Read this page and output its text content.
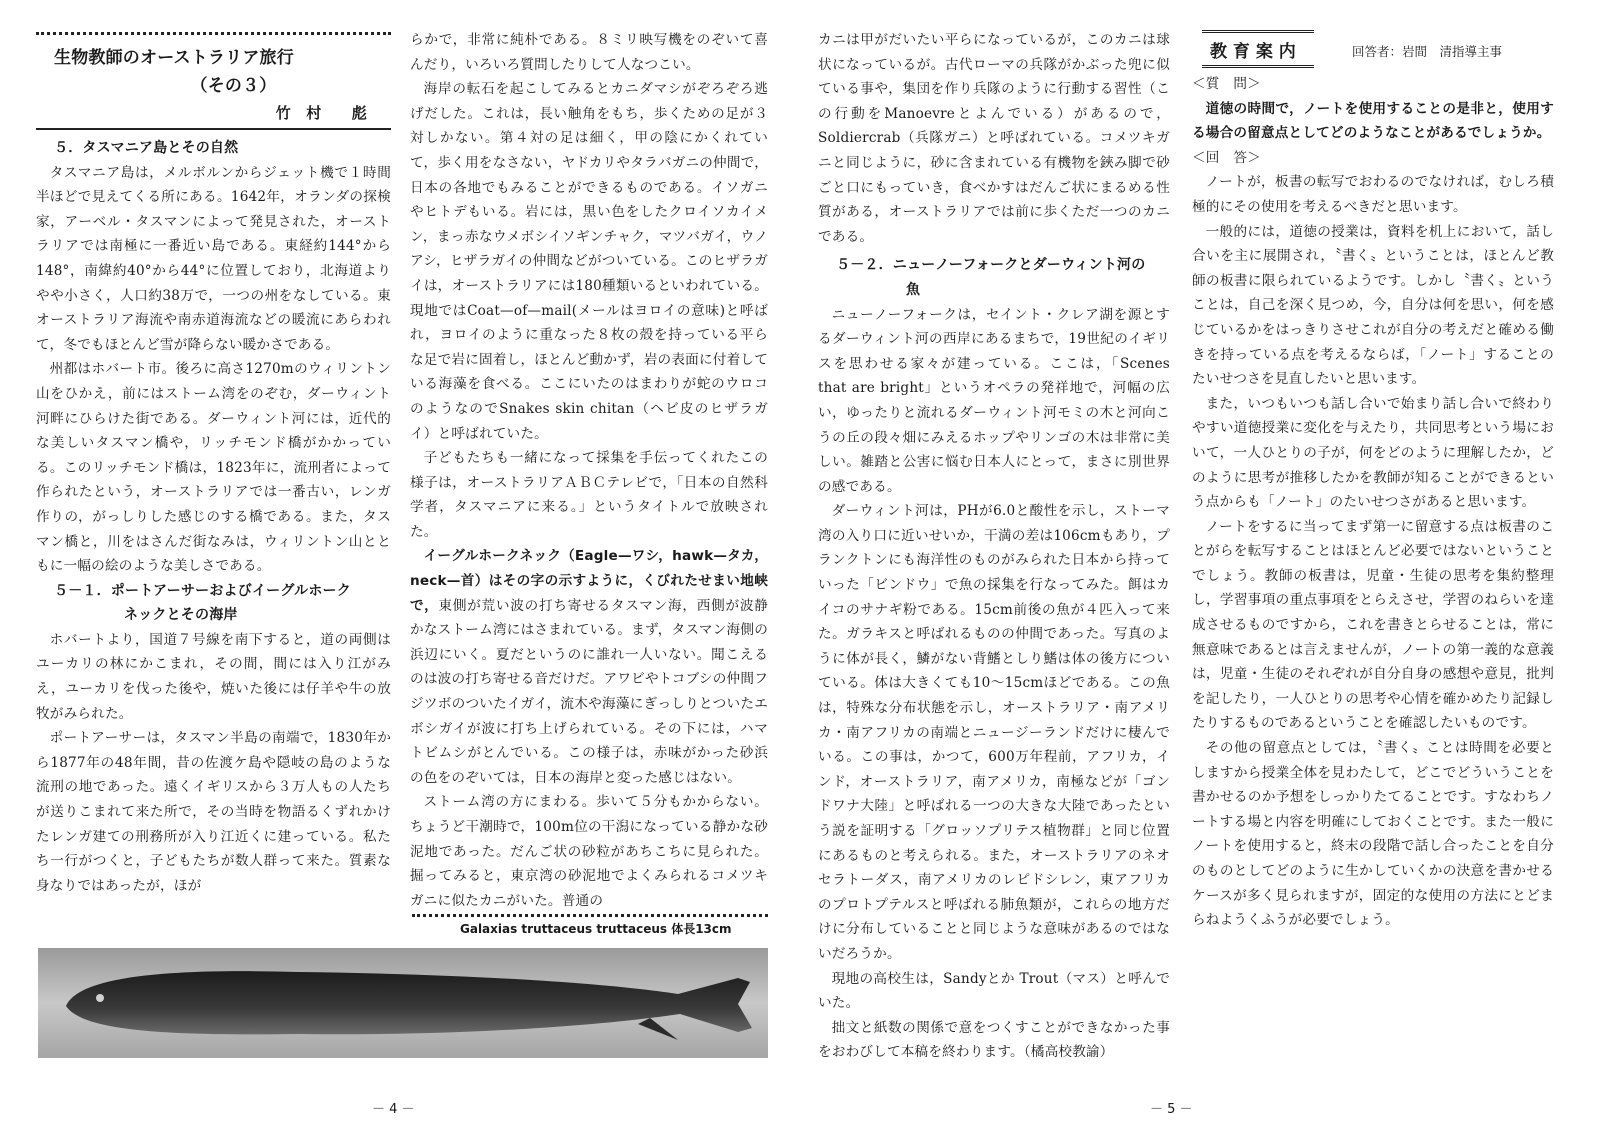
生物教師のオーストラリア旅行
（その３）
竹　村　　彪
５．タスマニア島とその自然

タスマニア島は，メルボルンからジェット機で１時間半ほどで見えてくる所にある。1642年，オランダの探検家，アーベル・タスマンによって発見された，オーストラリアでは南極に一番近い島である。東経約144°から148°，南緯約40°から44°に位置しており，北海道よりやや小さく，人口約38万で，一つの州をなしている。東オーストラリア海流や南赤道海流などの暖流にあらわれて，冬でもほとんど雪が降らない暖かさである。

州都はホバート市。後ろに高さ1270mのウィリントン山をひかえ，前にはストーム湾をのぞむ，ダーウィント河畔にひらけた街である。ダーウィント河には，近代的な美しいタスマン橋や，リッチモンド橋がかかっている。このリッチモンド橋は，1823年に，流刑者によって作られたという，オーストラリアでは一番古い，レンガ作りの，がっしりした感じのする橋である。また，タスマン橋と，川をはさんだ街なみは，ウィリントン山とともに一幅の絵のような美しさである。

５－１．ポートアーサーおよびイーグルホーク
ネックとその海岸

ホバートより，国道７号線を南下すると，道の両側はユーカリの林にかこまれ，その間，間には入り江がみえ，ユーカリを伐った後や，焼いた後には仔羊や牛の放牧がみられた。

ポートアーサーは，タスマン半島の南端で，1830年から1877年の48年間，昔の佐渡ケ島や隠岐の島のような流刑の地であった。遠くイギリスから３万人もの人たちが送りこまれて来た所で，その当時を物語るくずれかけたレンガ建ての刑務所が入り江近くに建っている。私たち一行がつくと，子どもたちが数人群って来た。質素な身なりではあったが，ほが

らかで，非常に純朴である。８ミリ映写機をのぞいて喜んだり，いろいろ質問したりして人なつこい。

海岸の転石を起こしてみるとカニダマシがぞろぞろ逃げだした。これは，長い触角をもち，歩くための足が３対しかない。第４対の足は細く，甲の陰にかくれていて，歩く用をなさない，ヤドカリやタラバガニの仲間で，日本の各地でもみることができるものである。イソガニやヒトデもいる。岩には，黒い色をしたクロイソカイメン，まっ赤なウメボシイソギンチャク，マツバガイ，ウノアシ，ヒザラガイの仲間などがついている。このヒザラガイは，オーストラリアには180種類いるといわれている。現地ではCoat—of—mail(メールはヨロイの意味)と呼ばれ，ヨロイのように重なった８枚の殻を持っている平らな足で岩に固着し，ほとんど動かず，岩の表面に付着している海藻を食べる。ここにいたのはまわりが蛇のウロコのようなのでSnakes skin chitan（ヘビ皮のヒザラガイ）と呼ばれていた。

子どもたちも一緒になって採集を手伝ってくれたこの様子は，オーストラリアＡＢＣテレビで，「日本の自然科学者，タスマニアに来る。」というタイトルで放映された。

イーグルホークネック（Eagle—ワシ，hawk—タカ，neck—首）はその字の示すように，くびれたせまい地峡で，東側が荒い波の打ち寄せるタスマン海，西側が波静かなストーム湾にはさまれている。まず，タスマン海側の浜辺にいく。夏だというのに誰れ一人いない。聞こえるのは波の打ち寄せる音だけだ。アワビやトコブシの仲間フジツボのついたイガイ，流木や海藻にぎっしりとついたエボシガイが波に打ち上げられている。その下には，ハマトビムシがとんでいる。この様子は，赤味がかった砂浜の色をのぞいては，日本の海岸と変った感じはない。

ストーム湾の方にまわる。歩いて５分もかからない。ちょうど干潮時で，100m位の干潟になっている静かな砂泥地であった。だんご状の砂粒があちこちに見られた。掘ってみると，東京湾の砂泥地でよくみられるコメツキガニに似たカニがいた。普通の

Galaxias truttaceus truttaceus 体長13cm
－ 4 －

カニは甲がだいたい平らになっているが，このカニは球状になっているが。古代ローマの兵隊がかぶった兜に似ている事や，集団を作り兵隊のように行動する習性（この行動をManoevreとよんでいる）があるので，Soldiercrab（兵隊ガニ）と呼ばれている。コメツキガニと同じように，砂に含まれている有機物を鋏み脚で砂ごと口にもっていき，食べかすはだんご状にまるめる性質がある，オーストラリアでは前に歩くただ一つのカニである。

５－２．ニューノーフォークとダーウィント河の
魚

ニューノーフォークは，セイント・クレア湖を源とするダーウィント河の西岸にあるまちで，19世紀のイギリスを思わせる家々が建っている。ここは，「Scenes that are bright」というオペラの発祥地で，河幅の広い，ゆったりと流れるダーウィント河モミの木と河向こうの丘の段々畑にみえるホップやリンゴの木は非常に美しい。雑踏と公害に悩む日本人にとって，まさに別世界の感である。

ダーウィント河は，PHが6.0と酸性を示し，ストーマ湾の入り口に近いせいか，干満の差は106cmもあり，プランクトンにも海洋性のものがみられた日本から持っていった「ビンドウ」で魚の採集を行なってみた。餌はカイコのサナギ粉である。15cm前後の魚が４匹入って来た。ガラキスと呼ばれるものの仲間であった。写真のように体が長く，鱗がない背鰭としり鰭は体の後方についている。体は大きくても10～15cmほどである。この魚は，特殊な分布状態を示し，オーストラリア・南アメリカ・南アフリカの南端とニュージーランドだけに棲んでいる。この事は，かつて，600万年程前，アフリカ，インド，オーストラリア，南アメリカ，南極などが「ゴンドワナ大陸」と呼ばれる一つの大きな大陸であったという説を証明する「グロッソプリテス植物群」と同じ位置にあるものと考えられる。また，オーストラリアのネオセラトーダス，南アメリカのレピドシレン，東アフリカのプロトプテルスと呼ばれる肺魚類が，これらの地方だけに分布していることと同じような意味があるのではないだろうか。

現地の高校生は，Sandyとか Trout（マス）と呼んでいた。

拙文と紙数の関係で意をつくすことができなかった事をおわびして本稿を終わります。（橘高校教諭）

教 育 案 内	回答者：岩間　清指導主事
＜質　問＞

道徳の時間で，ノートを使用することの是非と，使用する場合の留意点としてどのようなことがあるでしょうか。

＜回　答＞

ノートが，板書の転写でおわるのでなければ，むしろ積極的にその使用を考えるべきだと思います。

一般的には，道徳の授業は，資料を机上において，話し合いを主に展開され，〝書く〟ということは，ほとんど教師の板書に限られているようです。しかし〝書く〟ということは，自己を深く見つめ，今，自分は何を思い，何を感じているかをはっきりさせこれが自分の考えだと確める働きを持っている点を考えるならば，「ノート」することのたいせつさを見直したいと思います。

また，いつもいつも話し合いで始まり話し合いで終わりやすい道徳授業に変化を与えたり，共同思考という場において，一人ひとりの子が，何をどのように理解したか，どのように思考が推移したかを教師が知ることができるという点からも「ノート」のたいせつさがあると思います。

ノートをするに当ってまず第一に留意する点は板書のことがらを転写することはほとんど必要ではないということでしょう。教師の板書は，児童・生徒の思考を集約整理し，学習事項の重点事項をとらえさせ，学習のねらいを達成させるものですから，これを書きとらせることは，常に無意味であるとは言えませんが，ノートの第一義的な意義は，児童・生徒のそれぞれが自分自身の感想や意見，批判を記したり，一人ひとりの思考や心情を確かめたり記録したりするものであるということを確認したいものです。

その他の留意点としては，〝書く〟ことは時間を必要としますから授業全体を見わたして，どこでどういうことを書かせるのか予想をしっかりたてることです。すなわちノートする場と内容を明確にしておくことです。また一般にノートを使用すると，終末の段階で話し合ったことを自分のものとしてどのように生かしていくかの決意を書かせるケースが多く見られますが，固定的な使用の方法にとどまらねようくふうが必要でしょう。

－ 5 －
